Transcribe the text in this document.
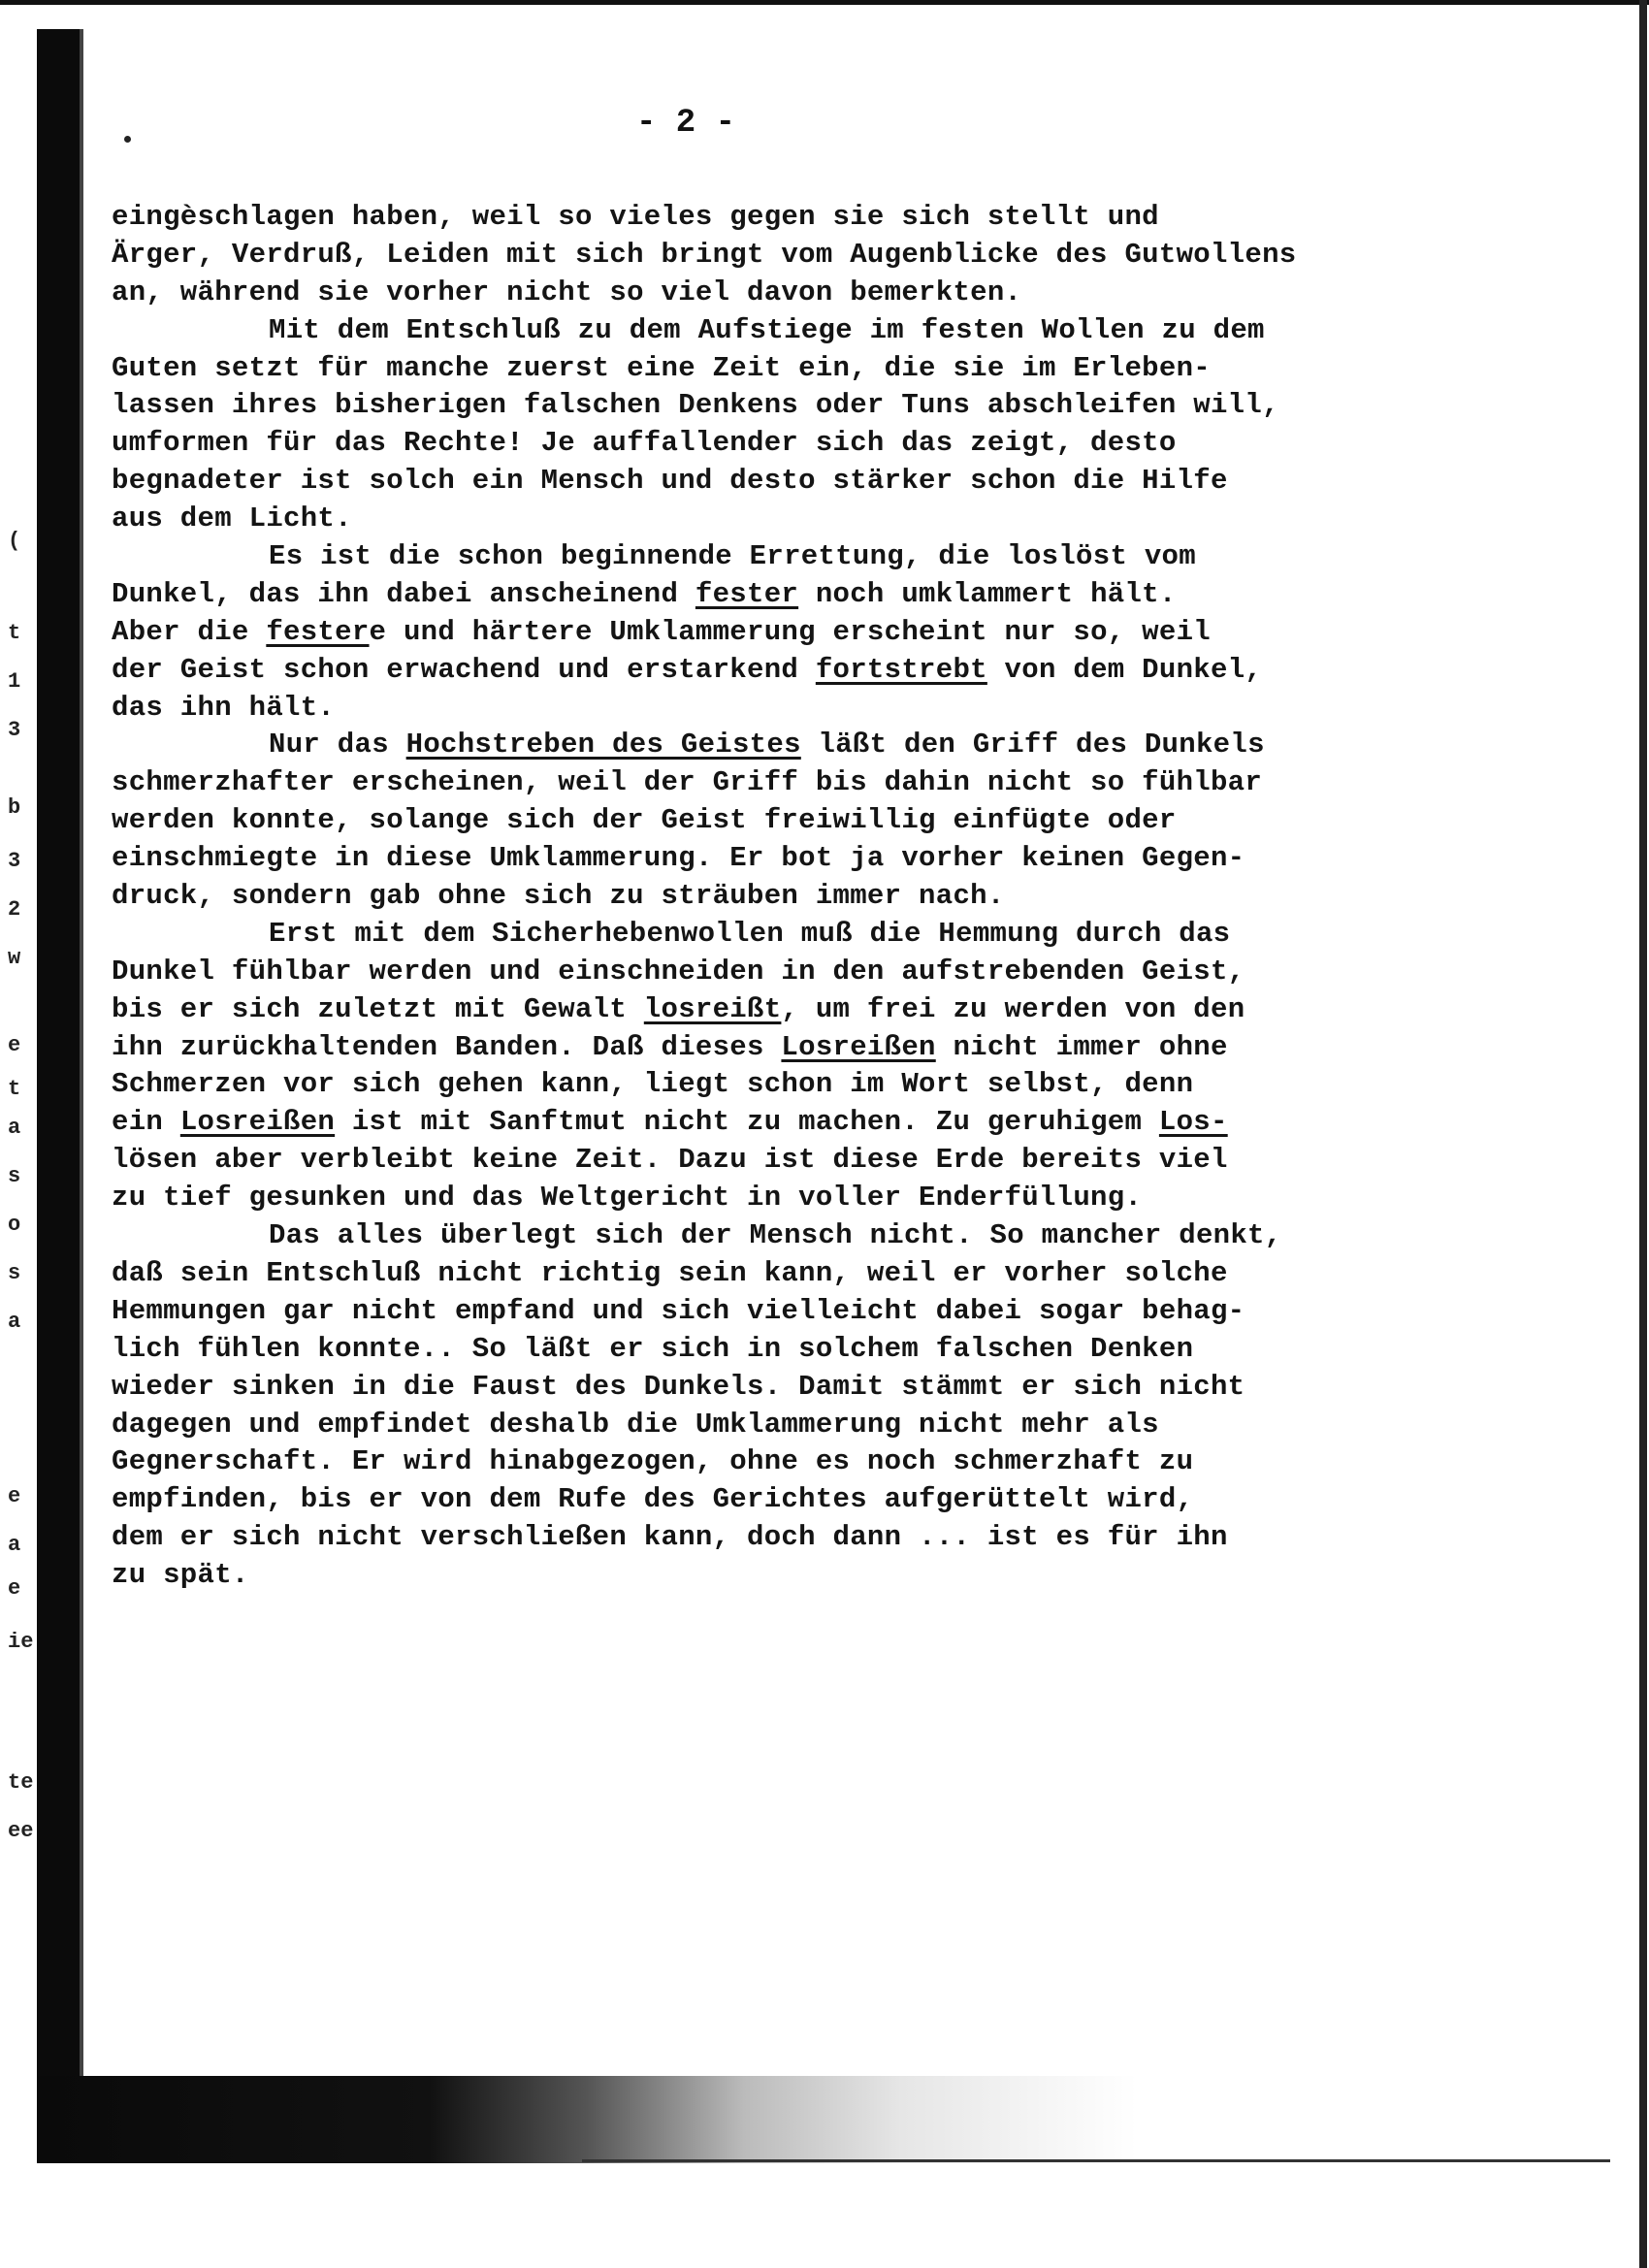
(
t
1
3
b
3
2
w
e
t
a
s
o
s
a
e
a
e
ie
te
ee
- 2 -
eingèschlagen haben, weil so vieles gegen sie sich stellt und
Ärger, Verdruß, Leiden mit sich bringt vom Augenblicke des Gutwollens
an, während sie vorher nicht so viel davon bemerkten.
Mit dem Entschluß zu dem Aufstiege im festen Wollen zu dem
Guten setzt für manche zuerst eine Zeit ein, die sie im Erleben-
lassen ihres bisherigen falschen Denkens oder Tuns abschleifen will,
umformen für das Rechte! Je auffallender sich das zeigt, desto
begnadeter ist solch ein Mensch und desto stärker schon die Hilfe
aus dem Licht.
Es ist die schon beginnende Errettung, die loslöst vom
Dunkel, das ihn dabei anscheinend fester noch umklammert hält.
Aber die festere und härtere Umklammerung erscheint nur so, weil
der Geist schon erwachend und erstarkend fortstrebt von dem Dunkel,
das ihn hält.
Nur das Hochstreben des Geistes läßt den Griff des Dunkels
schmerzhafter erscheinen, weil der Griff bis dahin nicht so fühlbar
werden konnte, solange sich der Geist freiwillig einfügte oder
einschmiegte in diese Umklammerung. Er bot ja vorher keinen Gegen-
druck, sondern gab ohne sich zu sträuben immer nach.
Erst mit dem Sicherhebenwollen muß die Hemmung durch das
Dunkel fühlbar werden und einschneiden in den aufstrebenden Geist,
bis er sich zuletzt mit Gewalt losreißt, um frei zu werden von den
ihn zurückhaltenden Banden. Daß dieses Losreißen nicht immer ohne
Schmerzen vor sich gehen kann, liegt schon im Wort selbst, denn
ein Losreißen ist mit Sanftmut nicht zu machen. Zu geruhigem Los-
lösen aber verbleibt keine Zeit. Dazu ist diese Erde bereits viel
zu tief gesunken und das Weltgericht in voller Enderfüllung.
Das alles überlegt sich der Mensch nicht. So mancher denkt,
daß sein Entschluß nicht richtig sein kann, weil er vorher solche
Hemmungen gar nicht empfand und sich vielleicht dabei sogar behag-
lich fühlen konnte.. So läßt er sich in solchem falschen Denken
wieder sinken in die Faust des Dunkels. Damit stämmt er sich nicht
dagegen und empfindet deshalb die Umklammerung nicht mehr als
Gegnerschaft. Er wird hinabgezogen, ohne es noch schmerzhaft zu
empfinden, bis er von dem Rufe des Gerichtes aufgerüttelt wird,
dem er sich nicht verschließen kann, doch dann ... ist es für ihn
zu spät.
